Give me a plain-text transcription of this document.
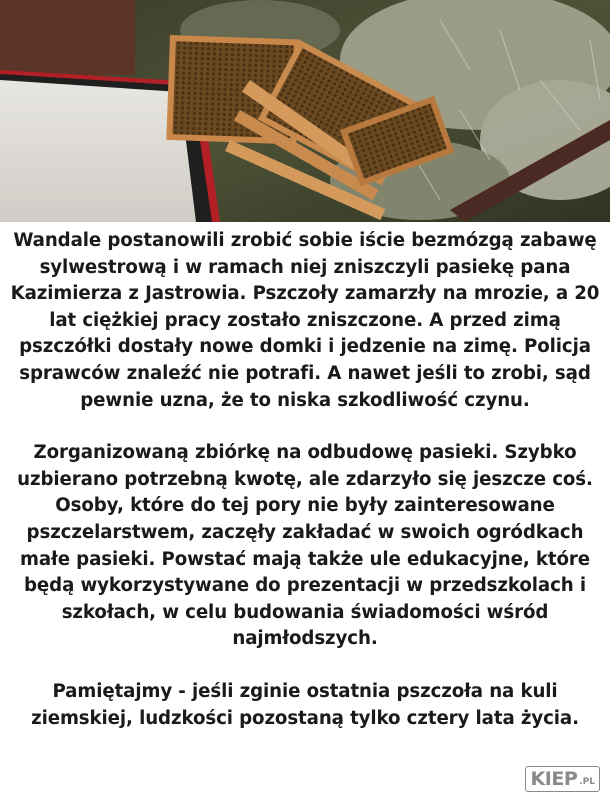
Wandale postanowili zrobić sobie iście bezmózgą zabawę sylwestrową i w ramach niej zniszczyli pasiekę pana Kazimierza z Jastrowia. Pszczoły zamarzły na mrozie, a 20 lat ciężkiej pracy zostało zniszczone. A przed zimą pszczółki dostały nowe domki i jedzenie na zimę. Policja sprawców znaleźć nie potrafi. A nawet jeśli to zrobi, sąd pewnie uzna, że to niska szkodliwość czynu.

Zorganizowaną zbiórkę na odbudowę pasieki. Szybko uzbierano potrzebną kwotę, ale zdarzyło się jeszcze coś. Osoby, które do tej pory nie były zainteresowane pszczelarstwem, zaczęły zakładać w swoich ogródkach małe pasieki. Powstać mają także ule edukacyjne, które będą wykorzystywane do prezentacji w przedszkolach i szkołach, w celu budowania świadomości wśród najmłodszych.

Pamiętajmy - jeśli zginie ostatnia pszczoła na kuli ziemskiej, ludzkości pozostaną tylko cztery lata życia.

KIEP .PL
